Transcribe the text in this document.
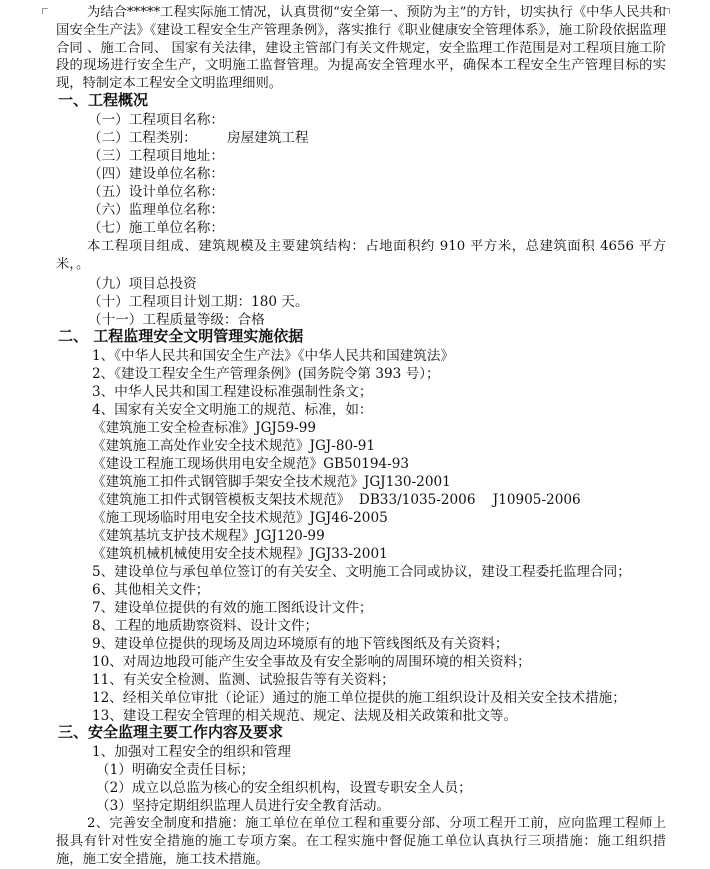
为结合*****工程实际施工情况，认真贯彻“安全第一、预防为主”的方针，切实执行《中华人民共和国安全生产法》《建设工程安全生产管理条例》，落实推行《职业健康安全管理体系》，施工阶段依据监理合同 、施工合同、 国家有关法律，建设主管部门有关文件规定，安全监理工作范围是对工程项目施工阶段的现场进行安全生产，文明施工监督管理。为提高安全管理水平，确保本工程安全生产管理目标的实现，特制定本工程安全文明监理细则。
一、工程概况
（一）工程项目名称：
（二）工程类别：       房屋建筑工程
（三）工程项目地址：
（四）建设单位名称：
（五）设计单位名称：
（六）监理单位名称：
（七）施工单位名称：
本工程项目组成、建筑规模及主要建筑结构：占地面积约 910 平方米，总建筑面积 4656 平方米，。
（九）项目总投资
（十）工程项目计划工期：180 天。
（十一）工程质量等级：合格
二、 工程监理安全文明管理实施依据
1、《中华人民共和国安全生产法》《中华人民共和国建筑法》
2、《建设工程安全生产管理条例》(国务院令第 393 号）；
3、中华人民共和国工程建设标准强制性条文；
4、国家有关安全文明施工的规范、标准，如：
《建筑施工安全检查标准》JGJ59-99
《建筑施工高处作业安全技术规范》JGJ-80-91
《建设工程施工现场供用电安全规范》GB50194-93
《建筑施工扣件式钢管脚手架安全技术规范》JGJ130-2001
《建筑施工扣件式钢管模板支架技术规范》  DB33/1035-2006    J10905-2006
《施工现场临时用电安全技术规范》JGJ46-2005
《建筑基坑支护技术规程》JGJ120-99
《建筑机械机械使用安全技术规程》JGJ33-2001
5、建设单位与承包单位签订的有关安全、文明施工合同或协议，建设工程委托监理合同；
6、其他相关文件；
7、建设单位提供的有效的施工图纸设计文件；
8、工程的地质勘察资料、设计文件；
9、建设单位提供的现场及周边环境原有的地下管线图纸及有关资料；
10、对周边地段可能产生安全事故及有安全影响的周围环境的相关资料；
11、有关安全检测、监测、试验报告等有关资料；
12、经相关单位审批（论证）通过的施工单位提供的施工组织设计及相关安全技术措施；
13、建设工程安全管理的相关规范、规定、法规及相关政策和批文等。
三、安全监理主要工作内容及要求
1、加强对工程安全的组织和管理
（1）明确安全责任目标；
（2）成立以总监为核心的安全组织机构，设置专职安全人员；
（3）坚持定期组织监理人员进行安全教育活动。
2、完善安全制度和措施：施工单位在单位工程和重要分部、分项工程开工前，应向监理工程师上报具有针对性安全措施的施工专项方案。在工程实施中督促施工单位认真执行三项措施：施工组织措施，施工安全措施，施工技术措施。
